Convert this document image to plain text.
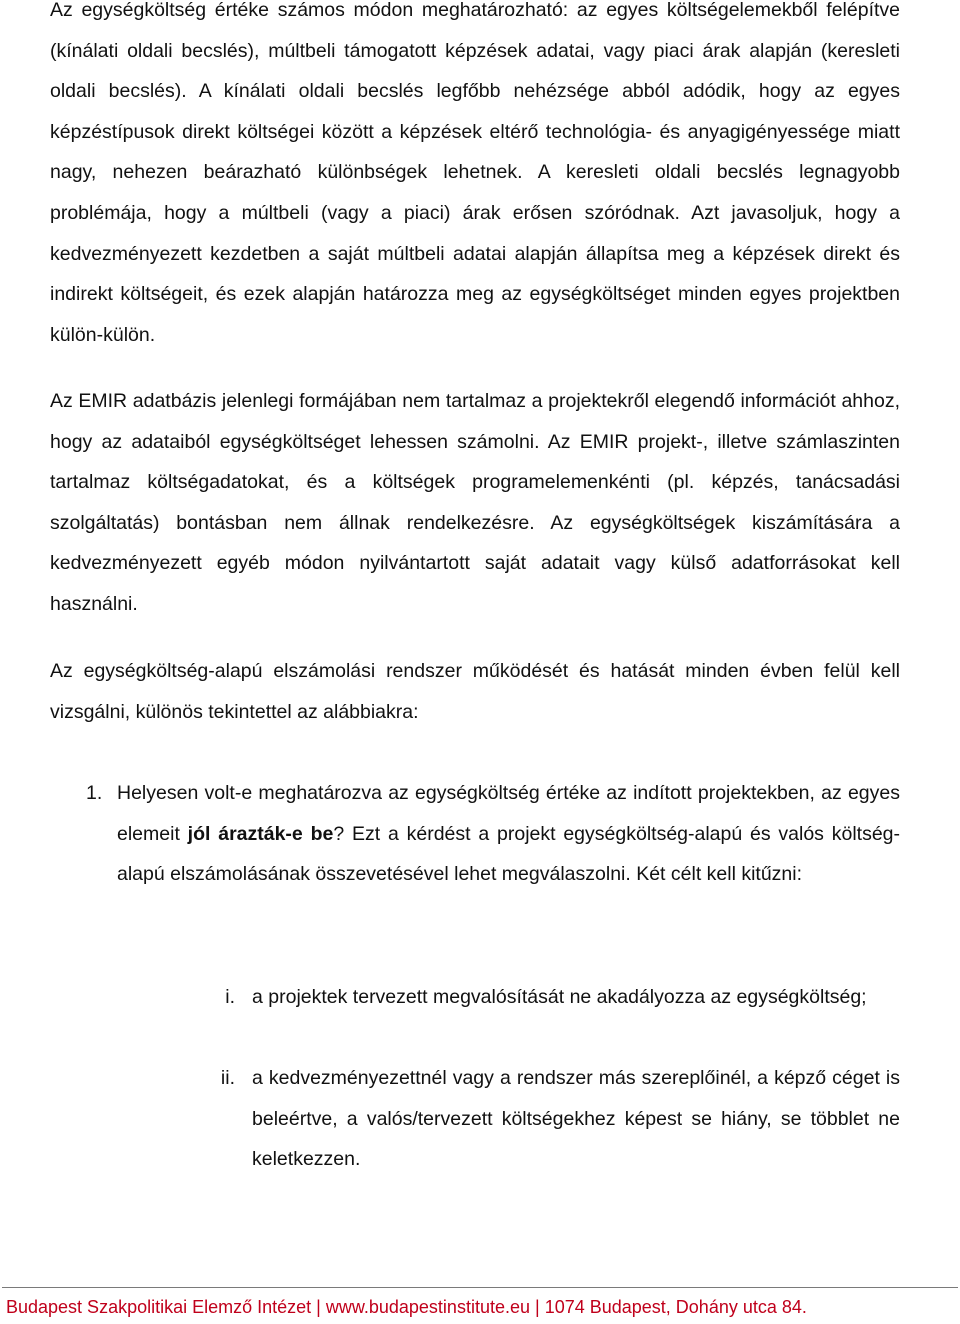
Az egységköltség értéke számos módon meghatározható: az egyes költségelemekből felépítve (kínálati oldali becslés), múltbeli támogatott képzések adatai, vagy piaci árak alapján (keresleti oldali becslés). A kínálati oldali becslés legfőbb nehézsége abból adódik, hogy az egyes képzéstípusok direkt költségei között a képzések eltérő technológia- és anyagigényessége miatt nagy, nehezen beárazható különbségek lehetnek. A keresleti oldali becslés legnagyobb problémája, hogy a múltbeli (vagy a piaci) árak erősen szóródnak. Azt javasoljuk, hogy a kedvezményezett kezdetben a saját múltbeli adatai alapján állapítsa meg a képzések direkt és indirekt költségeit, és ezek alapján határozza meg az egységköltséget minden egyes projektben külön-külön.

Az EMIR adatbázis jelenlegi formájában nem tartalmaz a projektekről elegendő információt ahhoz, hogy az adataiból egységköltséget lehessen számolni. Az EMIR projekt-, illetve számlaszinten tartalmaz költségadatokat, és a költségek programelemenkénti (pl. képzés, tanácsadási szolgáltatás) bontásban nem állnak rendelkezésre. Az egységköltségek kiszámítására a kedvezményezett egyéb módon nyilvántartott saját adatait vagy külső adatforrásokat kell használni.

Az egységköltség-alapú elszámolási rendszer működését és hatását minden évben felül kell vizsgálni, különös tekintettel az alábbiakra:

1. Helyesen volt-e meghatározva az egységköltség értéke az indított projektekben, az egyes elemeit jól árazták-e be? Ezt a kérdést a projekt egységköltség-alapú és valós költség-alapú elszámolásának összevetésével lehet megválaszolni. Két célt kell kitűzni:
i. a projektek tervezett megvalósítását ne akadályozza az egységköltség;
ii. a kedvezményezettnél vagy a rendszer más szereplőinél, a képző céget is beleértve, a valós/tervezett költségekhez képest se hiány, se többlet ne keletkezzen.
Budapest Szakpolitikai Elemző Intézet | www.budapestinstitute.eu | 1074 Budapest, Dohány utca 84.
